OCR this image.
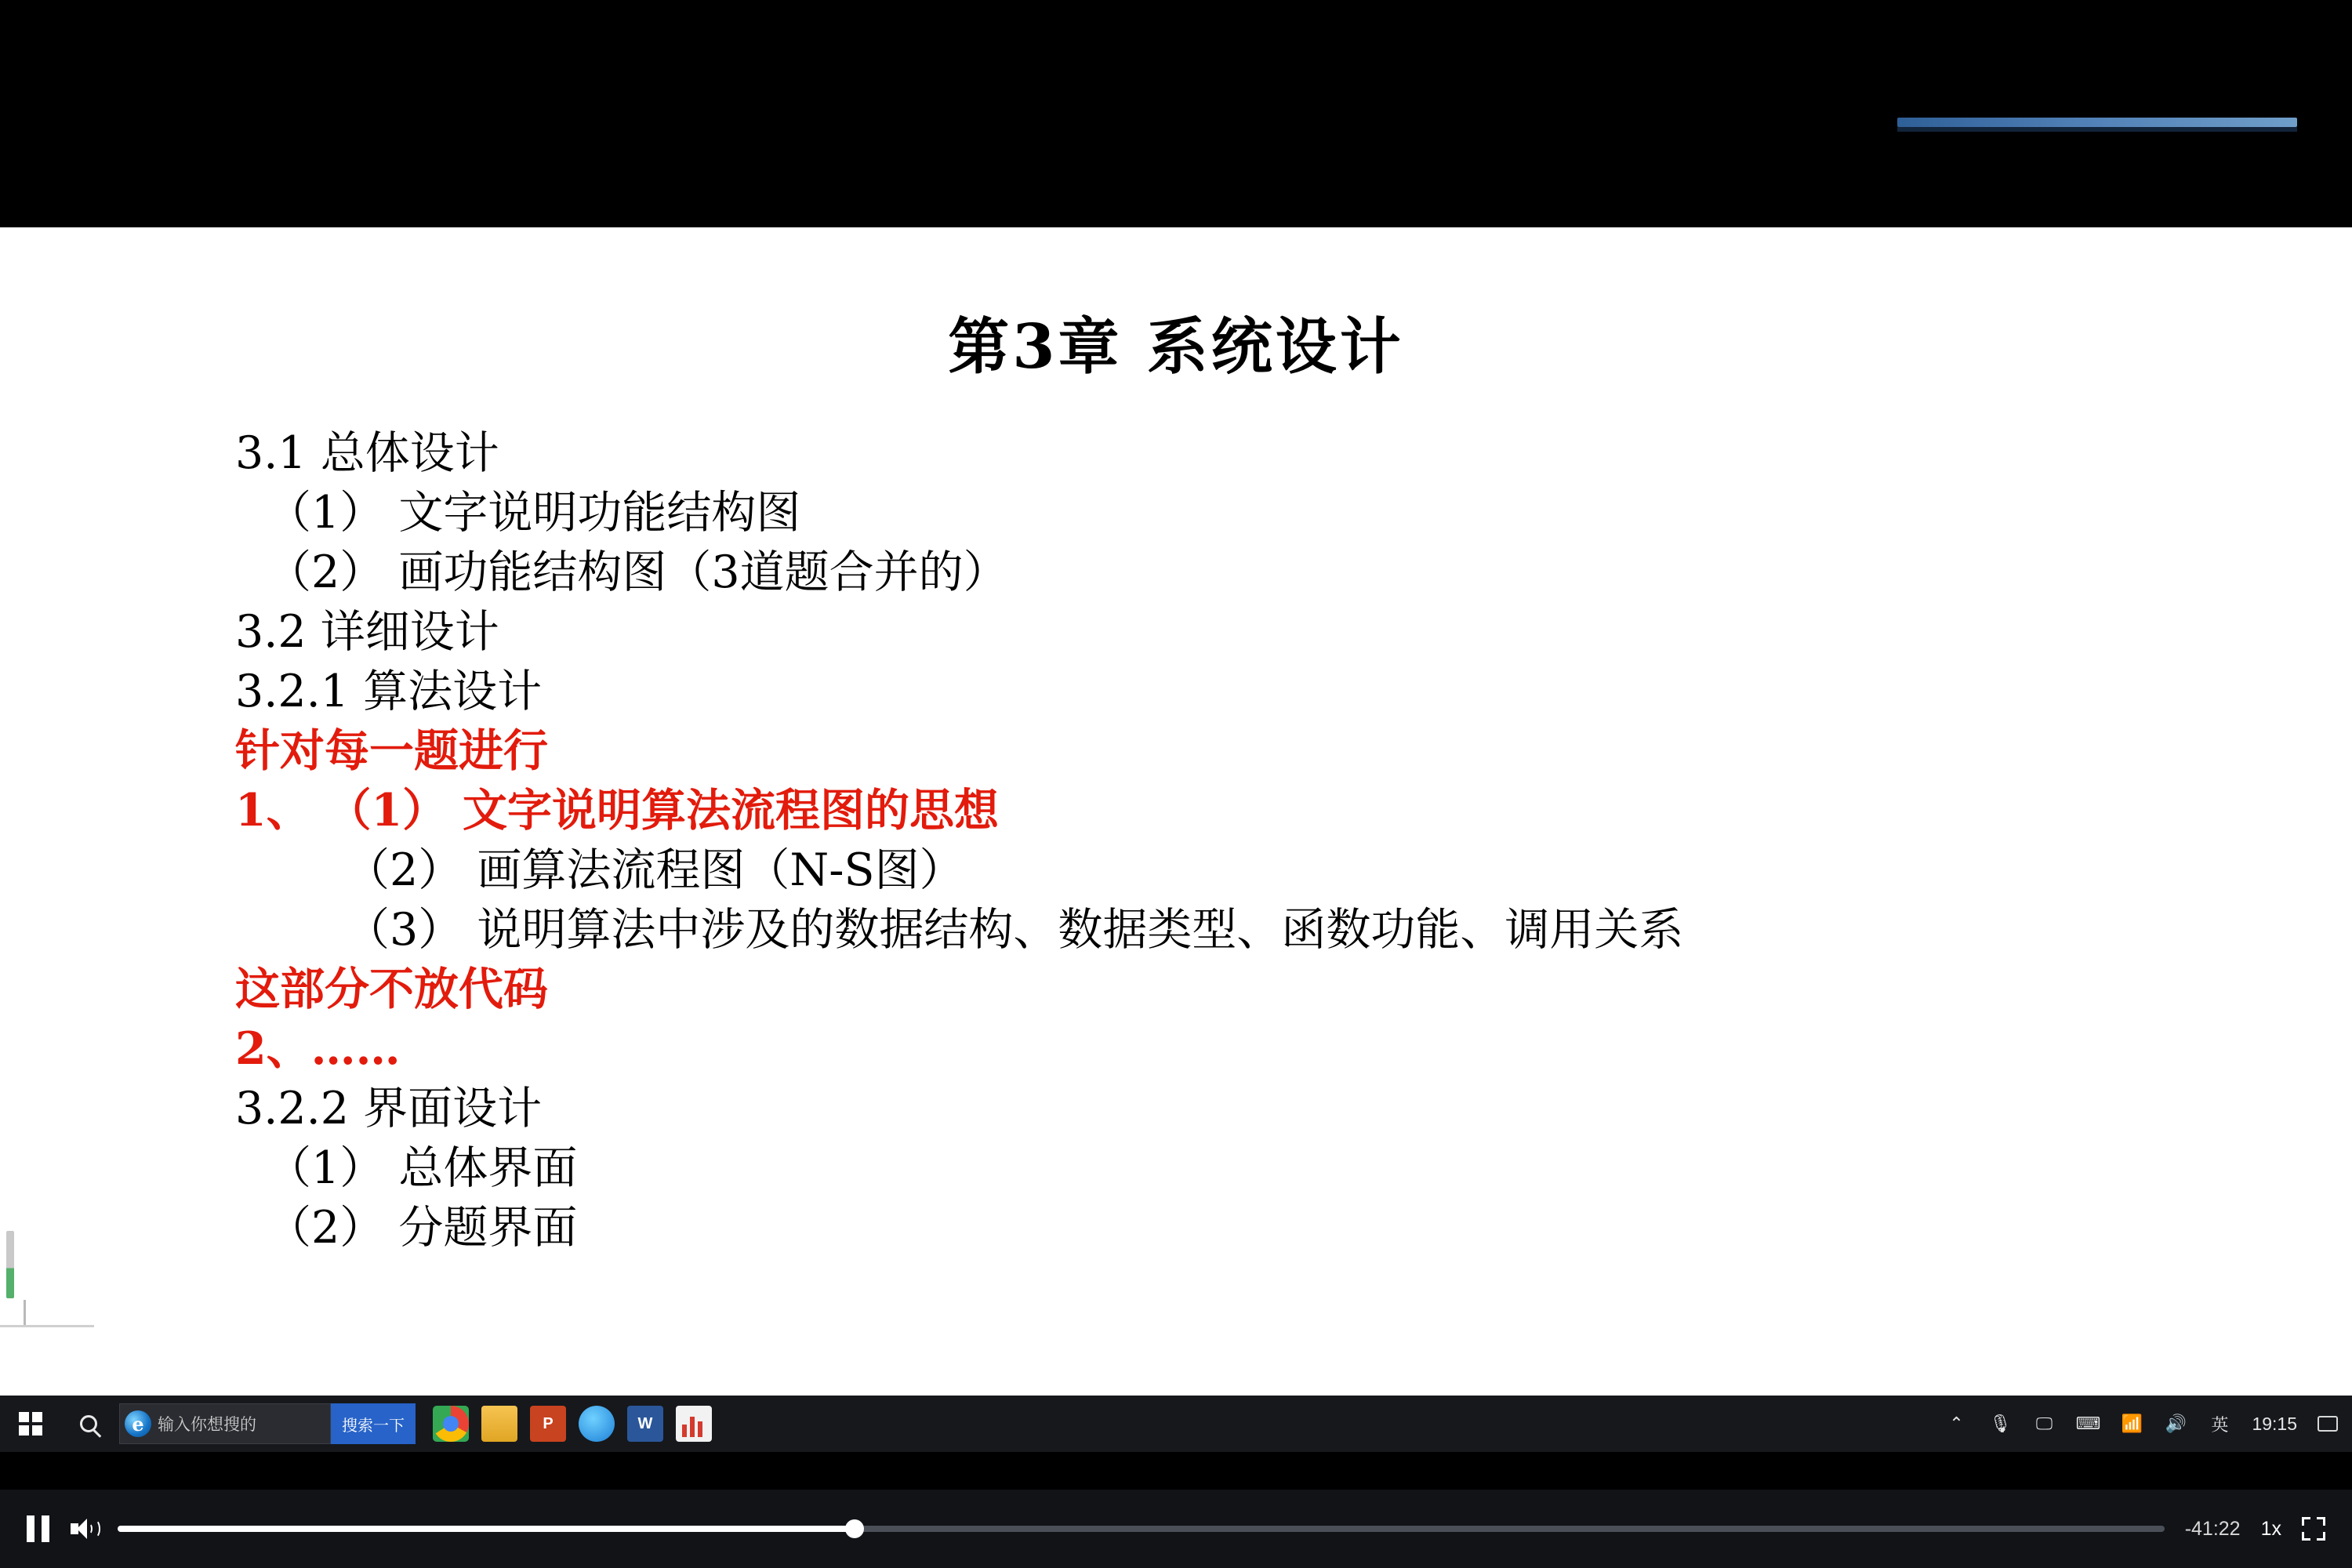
第3章 系统设计
3.1 总体设计
（1） 文字说明功能结构图
（2） 画功能结构图（3道题合并的）
3.2 详细设计
3.2.1 算法设计
针对每一题进行
1、 （1） 文字说明算法流程图的思想
（2） 画算法流程图（N-S图）
（3） 说明算法中涉及的数据结构、数据类型、函数功能、调用关系
这部分不放代码
2、……
3.2.2 界面设计
（1） 总体界面
（2） 分题界面
e 输入你想搜的	搜索一下	P	W	⌃ 🎙 🖵 ⌨ 📶 🔊 英 19:15
-41:22 1x
